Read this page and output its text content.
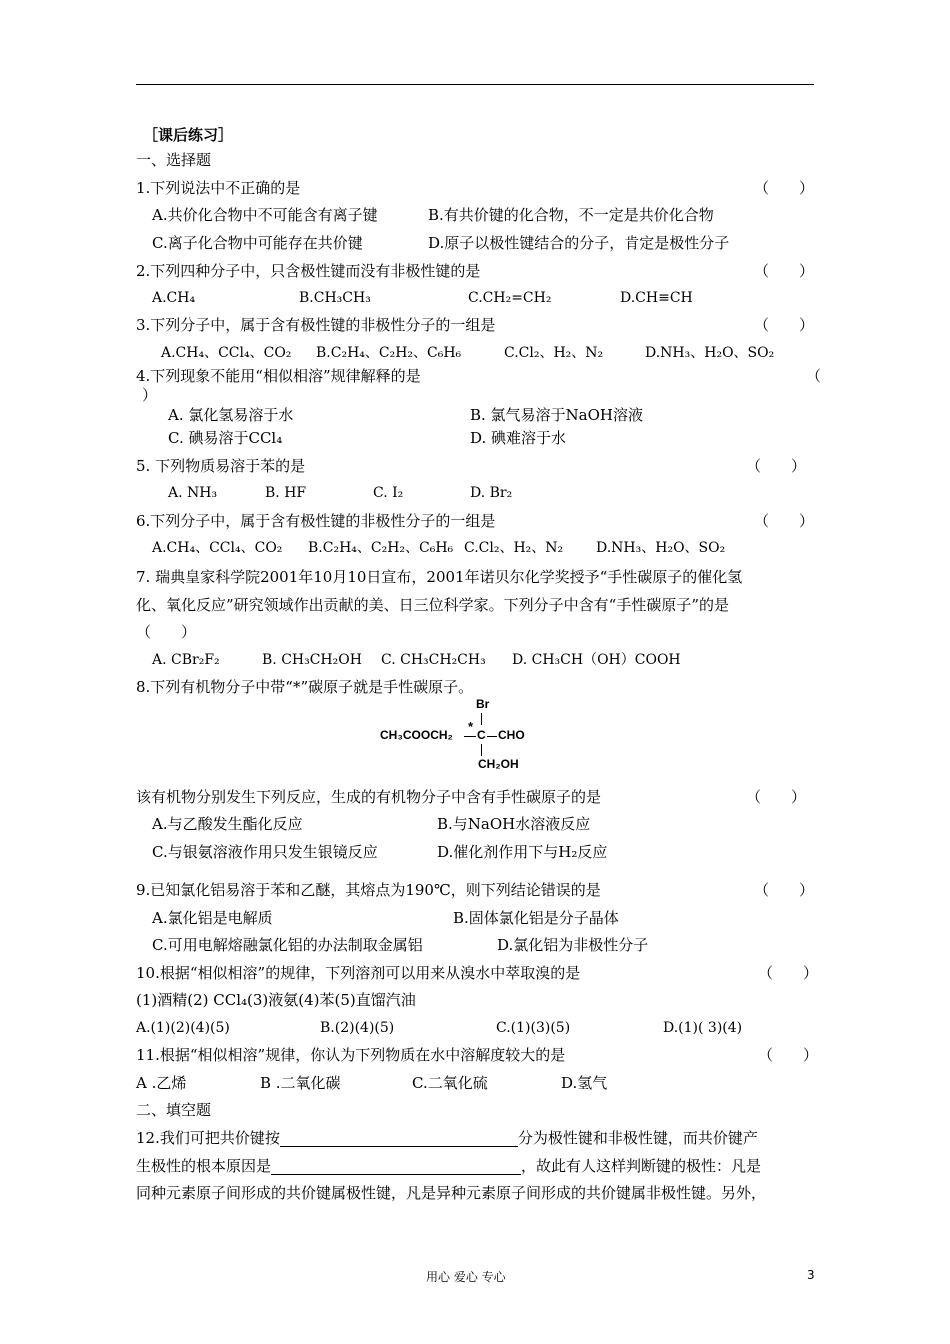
［课后练习］
一、选择题
1.下列说法中不正确的是	（　　）
A.共价化合物中不可能含有离子键	B.有共价键的化合物，不一定是共价化合物
C.离子化合物中可能存在共价键	D.原子以极性键结合的分子，肯定是极性分子
2.下列四种分子中，只含极性键而没有非极性键的是	（　　）
A.CH₄	B.CH₃CH₃	C.CH₂=CH₂	D.CH≡CH
3.下列分子中，属于含有极性键的非极性分子的一组是	（　　）
A.CH₄、CCl₄、CO₂ B.C₂H₄、C₂H₂、C₆H₆	C.Cl₂、H₂、N₂	D.NH₃、H₂O、SO₂
4.下列现象不能用“相似相溶”规律解释的是	（
）
A. 氯化氢易溶于水	B. 氯气易溶于NaOH溶液
C. 碘易溶于CCl₄	D. 碘难溶于水
5. 下列物质易溶于苯的是	（　　）
A. NH₃	B. HF	C. I₂	D. Br₂
6.下列分子中，属于含有极性键的非极性分子的一组是	（　　）
A.CH₄、CCl₄、CO₂ B.C₂H₄、C₂H₂、C₆H₆ C.Cl₂、H₂、N₂ D.NH₃、H₂O、SO₂
7. 瑞典皇家科学院2001年10月10日宣布，2001年诺贝尔化学奖授予“手性碳原子的催化氢
化、氧化反应”研究领域作出贡献的美、日三位科学家。下列分子中含有“手性碳原子”的是
（　　）
A. CBr₂F₂	B. CH₃CH₂OH C. CH₃CH₂CH₃ D. CH₃CH（OH）COOH
8.下列有机物分子中带“*”碳原子就是手性碳原子。
Br
CH₃COOCH₂
*
C CHO
CH₂OH
该有机物分别发生下列反应，生成的有机物分子中含有手性碳原子的是	（　　）
A.与乙酸发生酯化反应	B.与NaOH水溶液反应
C.与银氨溶液作用只发生银镜反应	D.催化剂作用下与H₂反应
9.已知氯化铝易溶于苯和乙醚，其熔点为190℃，则下列结论错误的是	（　　）
A.氯化铝是电解质	B.固体氯化铝是分子晶体
C.可用电解熔融氯化铝的办法制取金属铝	D.氯化铝为非极性分子
10.根据“相似相溶”的规律，下列溶剂可以用来从溴水中萃取溴的是	（　　）
(1)酒精(2) CCl₄(3)液氨(4)苯(5)直馏汽油
A.(1)(2)(4)(5)	B.(2)(4)(5)	C.(1)(3)(5)	D.(1)( 3)(4)
11.根据“相似相溶”规律，你认为下列物质在水中溶解度较大的是	（　　）
A .乙烯	B .二氧化碳	C.二氧化硫	D.氢气
二、填空题
12.我们可把共价键按	分为极性键和非极性键，而共价键产
生极性的根本原因是	，故此有人这样判断键的极性：凡是
同种元素原子间形成的共价键属极性键，凡是异种元素原子间形成的共价键属非极性键。另外，
用心 爱心 专心	3
